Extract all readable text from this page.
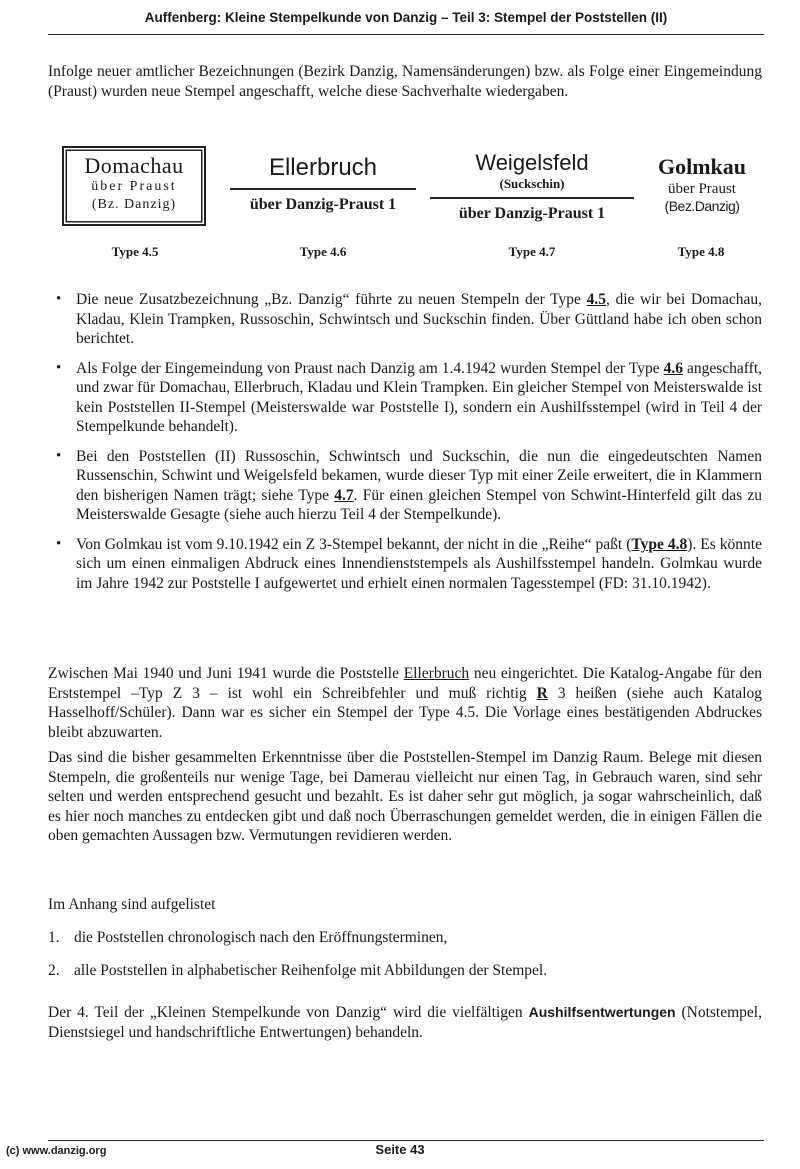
Auffenberg: Kleine Stempelkunde von Danzig – Teil 3: Stempel der Poststellen (II)

Infolge neuer amtlicher Bezeichnungen (Bezirk Danzig, Namensänderungen) bzw. als Folge einer Eingemeindung (Praust) wurden neue Stempel angeschafft, welche diese Sachverhalte wiedergaben.

Domachau
über Praust
(Bz. Danzig)
Ellerbruch
über Danzig-Praust 1
Weigelsfeld
(Suckschin)
über Danzig-Praust 1
Golmkau
über Praust
(Bez.Danzig)
Type 4.5	Type 4.6	Type 4.7	Type 4.8
• Die neue Zusatzbezeichnung „Bz. Danzig“ führte zu neuen Stempeln der Type 4.5, die wir bei Domachau, Kladau, Klein Trampken, Russoschin, Schwintsch und Suckschin finden. Über Güttland habe ich oben schon berichtet.
• Als Folge der Eingemeindung von Praust nach Danzig am 1.4.1942 wurden Stempel der Type 4.6 angeschafft, und zwar für Domachau, Ellerbruch, Kladau und Klein Trampken. Ein gleicher Stempel von Meisterswalde ist kein Poststellen II-Stempel (Meisterswalde war Poststelle I), sondern ein Aushilfsstempel (wird in Teil 4 der Stempelkunde behandelt).
• Bei den Poststellen (II) Russoschin, Schwintsch und Suckschin, die nun die eingedeutschten Namen Russenschin, Schwint und Weigelsfeld bekamen, wurde dieser Typ mit einer Zeile erweitert, die in Klammern den bisherigen Namen trägt; siehe Type 4.7. Für einen gleichen Stempel von Schwint-Hinterfeld gilt das zu Meisterswalde Gesagte (siehe auch hierzu Teil 4 der Stempelkunde).
• Von Golmkau ist vom 9.10.1942 ein Z 3-Stempel bekannt, der nicht in die „Reihe“ paßt (Type 4.8). Es könnte sich um einen einmaligen Abdruck eines Innendienststempels als Aushilfsstempel handeln. Golmkau wurde im Jahre 1942 zur Poststelle I aufgewertet und erhielt einen normalen Tagesstempel (FD: 31.10.1942).

Zwischen Mai 1940 und Juni 1941 wurde die Poststelle Ellerbruch neu eingerichtet. Die Katalog-Angabe für den Erststempel –Typ Z 3 – ist wohl ein Schreibfehler und muß richtig R 3 heißen (siehe auch Katalog Hasselhoff/Schüler). Dann war es sicher ein Stempel der Type 4.5. Die Vorlage eines bestätigenden Abdruckes bleibt abzuwarten.

Das sind die bisher gesammelten Erkenntnisse über die Poststellen-Stempel im Danzig Raum. Belege mit diesen Stempeln, die großenteils nur wenige Tage, bei Damerau vielleicht nur einen Tag, in Gebrauch waren, sind sehr selten und werden entsprechend gesucht und bezahlt. Es ist daher sehr gut möglich, ja sogar wahrscheinlich, daß es hier noch manches zu entdecken gibt und daß noch Überraschungen gemeldet werden, die in einigen Fällen die oben gemachten Aussagen bzw. Vermutungen revidieren werden.

Im Anhang sind aufgelistet

1. die Poststellen chronologisch nach den Eröffnungsterminen,
2. alle Poststellen in alphabetischer Reihenfolge mit Abbildungen der Stempel.

Der 4. Teil der „Kleinen Stempelkunde von Danzig“ wird die vielfältigen Aushilfsentwertungen (Notstempel, Dienstsiegel und handschriftliche Entwertungen) behandeln.

(c) www.danzig.org	Seite 43
